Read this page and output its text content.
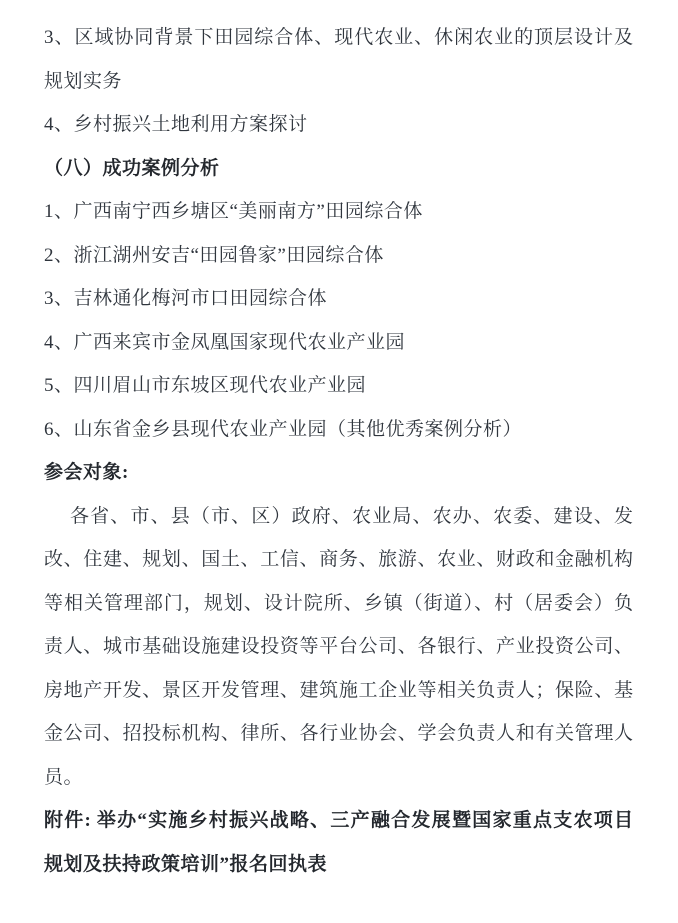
3、区域协同背景下田园综合体、现代农业、休闲农业的顶层设计及
规划实务
4、乡村振兴土地利用方案探讨
（八）成功案例分析
1、广西南宁西乡塘区“美丽南方”田园综合体
2、浙江湖州安吉“田园鲁家”田园综合体
3、吉林通化梅河市口田园综合体
4、广西来宾市金凤凰国家现代农业产业园
5、四川眉山市东坡区现代农业产业园
6、山东省金乡县现代农业产业园（其他优秀案例分析）
参会对象:
各省、市、县（市、区）政府、农业局、农办、农委、建设、发
改、住建、规划、国土、工信、商务、旅游、农业、财政和金融机构
等相关管理部门，规划、设计院所、乡镇（街道）、村（居委会）负
责人、城市基础设施建设投资等平台公司、各银行、产业投资公司、
房地产开发、景区开发管理、建筑施工企业等相关负责人；保险、基
金公司、招投标机构、律所、各行业协会、学会负责人和有关管理人
员。
附件: 举办“实施乡村振兴战略、三产融合发展暨国家重点支农项目
规划及扶持政策培训”报名回执表
